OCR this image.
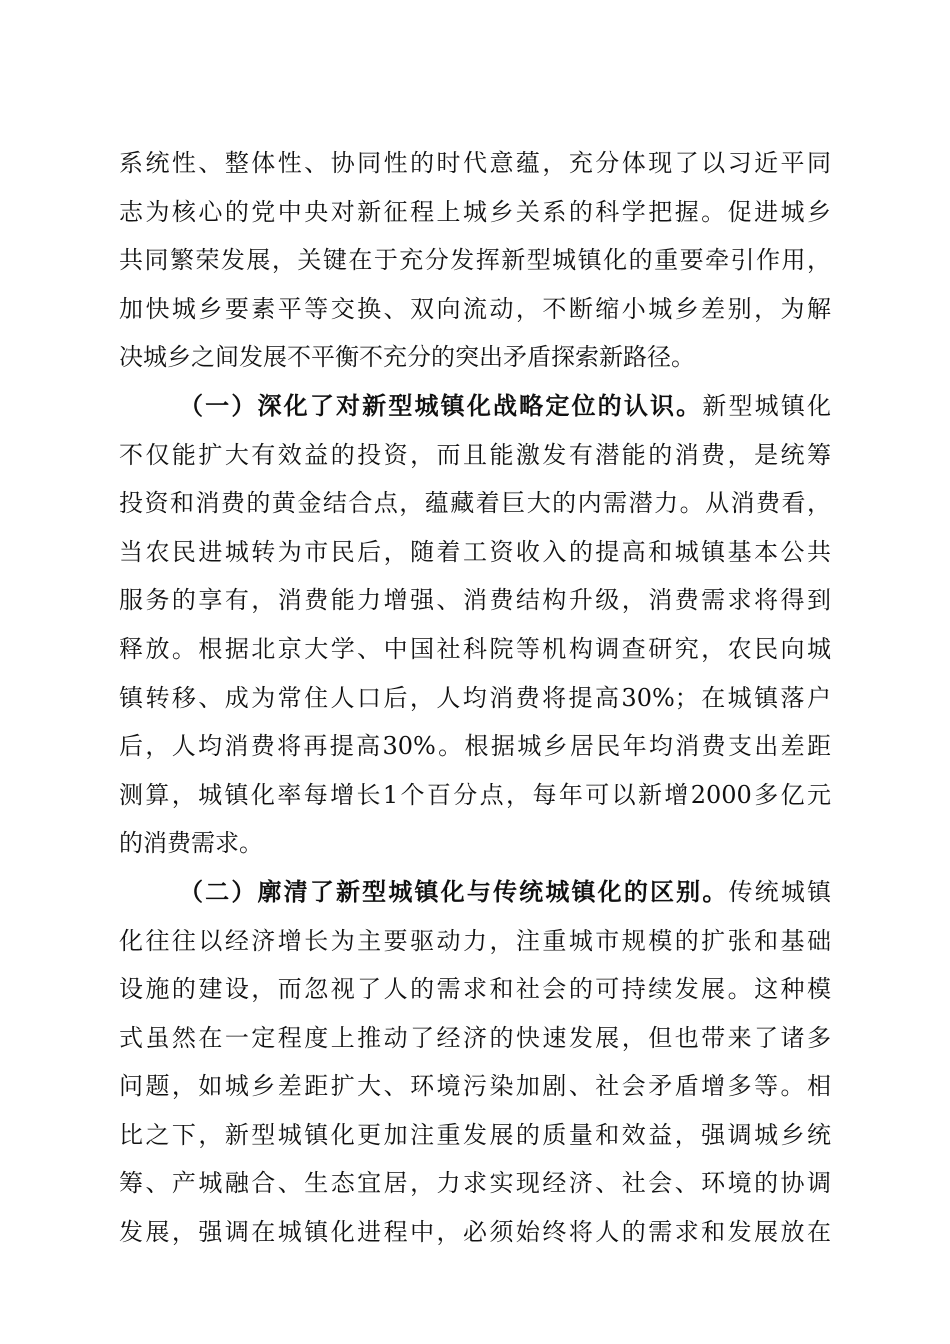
系统性、整体性、协同性的时代意蕴，充分体现了以习近平同
志为核心的党中央对新征程上城乡关系的科学把握。促进城乡
共同繁荣发展，关键在于充分发挥新型城镇化的重要牵引作用，
加快城乡要素平等交换、双向流动，不断缩小城乡差别，为解
决城乡之间发展不平衡不充分的突出矛盾探索新路径。
（一）深化了对新型城镇化战略定位的认识。新型城镇化
不仅能扩大有效益的投资，而且能激发有潜能的消费，是统筹
投资和消费的黄金结合点，蕴藏着巨大的内需潜力。从消费看，
当农民进城转为市民后，随着工资收入的提高和城镇基本公共
服务的享有，消费能力增强、消费结构升级，消费需求将得到
释放。根据北京大学、中国社科院等机构调查研究，农民向城
镇转移、成为常住人口后，人均消费将提高30%；在城镇落户
后，人均消费将再提高30%。根据城乡居民年均消费支出差距
测算，城镇化率每增长1个百分点，每年可以新增2000多亿元
的消费需求。
（二）廓清了新型城镇化与传统城镇化的区别。传统城镇
化往往以经济增长为主要驱动力，注重城市规模的扩张和基础
设施的建设，而忽视了人的需求和社会的可持续发展。这种模
式虽然在一定程度上推动了经济的快速发展，但也带来了诸多
问题，如城乡差距扩大、环境污染加剧、社会矛盾增多等。相
比之下，新型城镇化更加注重发展的质量和效益，强调城乡统
筹、产城融合、生态宜居，力求实现经济、社会、环境的协调
发展，强调在城镇化进程中，必须始终将人的需求和发展放在
